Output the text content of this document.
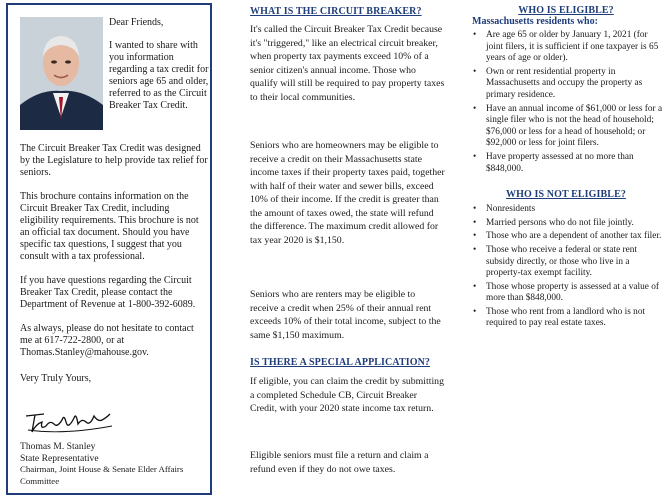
Dear Friends,

I wanted to share with you information regarding a tax credit for seniors age 65 and older, referred to as the Circuit Breaker Tax Credit.

The Circuit Breaker Tax Credit was designed by the Legislature to help provide tax relief for seniors.

This brochure contains information on the Circuit Breaker Tax Credit, including eligibility requirements. This brochure is not an official tax document. Should you have specific tax questions, I suggest that you consult with a tax professional.

If you have questions regarding the Circuit Breaker Tax Credit, please contact the Department of Revenue at 1-800-392-6089.

As always, please do not hesitate to contact me at 617-722-2800, or at Thomas.Stanley@mahouse.gov.

Very Truly Yours,

Thomas M. Stanley
State Representative
Chairman, Joint House & Senate Elder Affairs Committee
WHAT IS THE CIRCUIT BREAKER?

It's called the Circuit Breaker Tax Credit because it's "triggered," like an electrical circuit breaker, when property tax payments exceed 10% of a senior citizen's annual income. Those who qualify will still be required to pay property taxes to their local communities.

Seniors who are homeowners may be eligible to receive a credit on their Massachusetts state income taxes if their property taxes paid, together with half of their water and sewer bills, exceed 10% of their income. If the credit is greater than the amount of taxes owed, the state will refund the difference. The maximum credit allowed for tax year 2020 is $1,150.

Seniors who are renters may be eligible to receive a credit when 25% of their annual rent exceeds 10% of their total income, subject to the same $1,150 maximum.

IS THERE A SPECIAL APPLICATION?

If eligible, you can claim the credit by submitting a completed Schedule CB, Circuit Breaker Credit, with your 2020 state income tax return.

Eligible seniors must file a return and claim a refund even if they do not owe taxes.

WHO IS ELIGIBLE?

Massachusetts residents who:

• Are age 65 or older by January 1, 2021 (for joint filers, it is sufficient if one taxpayer is 65 years of age or older).
• Own or rent residential property in Massachusetts and occupy the property as primary residence.
• Have an annual income of $61,000 or less for a single filer who is not the head of household; $76,000 or less for a head of household; or $92,000 or less for joint filers.
• Have property assessed at no more than $848,000.
WHO IS NOT ELIGIBLE?
• Nonresidents
• Married persons who do not file jointly.
• Those who are a dependent of another tax filer.
• Those who receive a federal or state rent subsidy directly, or those who live in a property-tax exempt facility.
• Those whose property is assessed at a value of more than $848,000.
• Those who rent from a landlord who is not required to pay real estate taxes.
